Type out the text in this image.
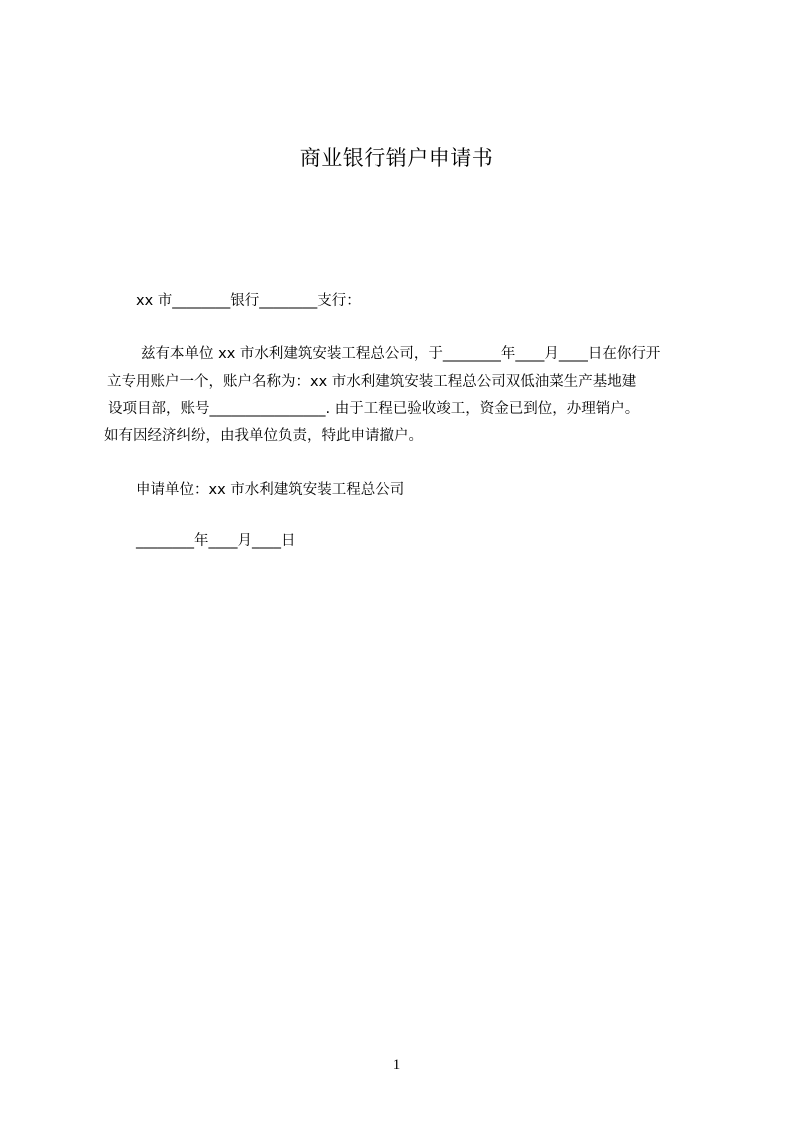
商业银行销户申请书
xx 市________银行________支行：
兹有本单位 xx 市水利建筑安装工程总公司，于________年____月____日在你行开
立专用账户一个，账户名称为：xx 市水利建筑安装工程总公司双低油菜生产基地建
设项目部，账号________________. 由于工程已验收竣工，资金已到位，办理销户。
如有因经济纠纷，由我单位负责，特此申请撤户。
申请单位：xx 市水利建筑安装工程总公司
________年____月____日
1
